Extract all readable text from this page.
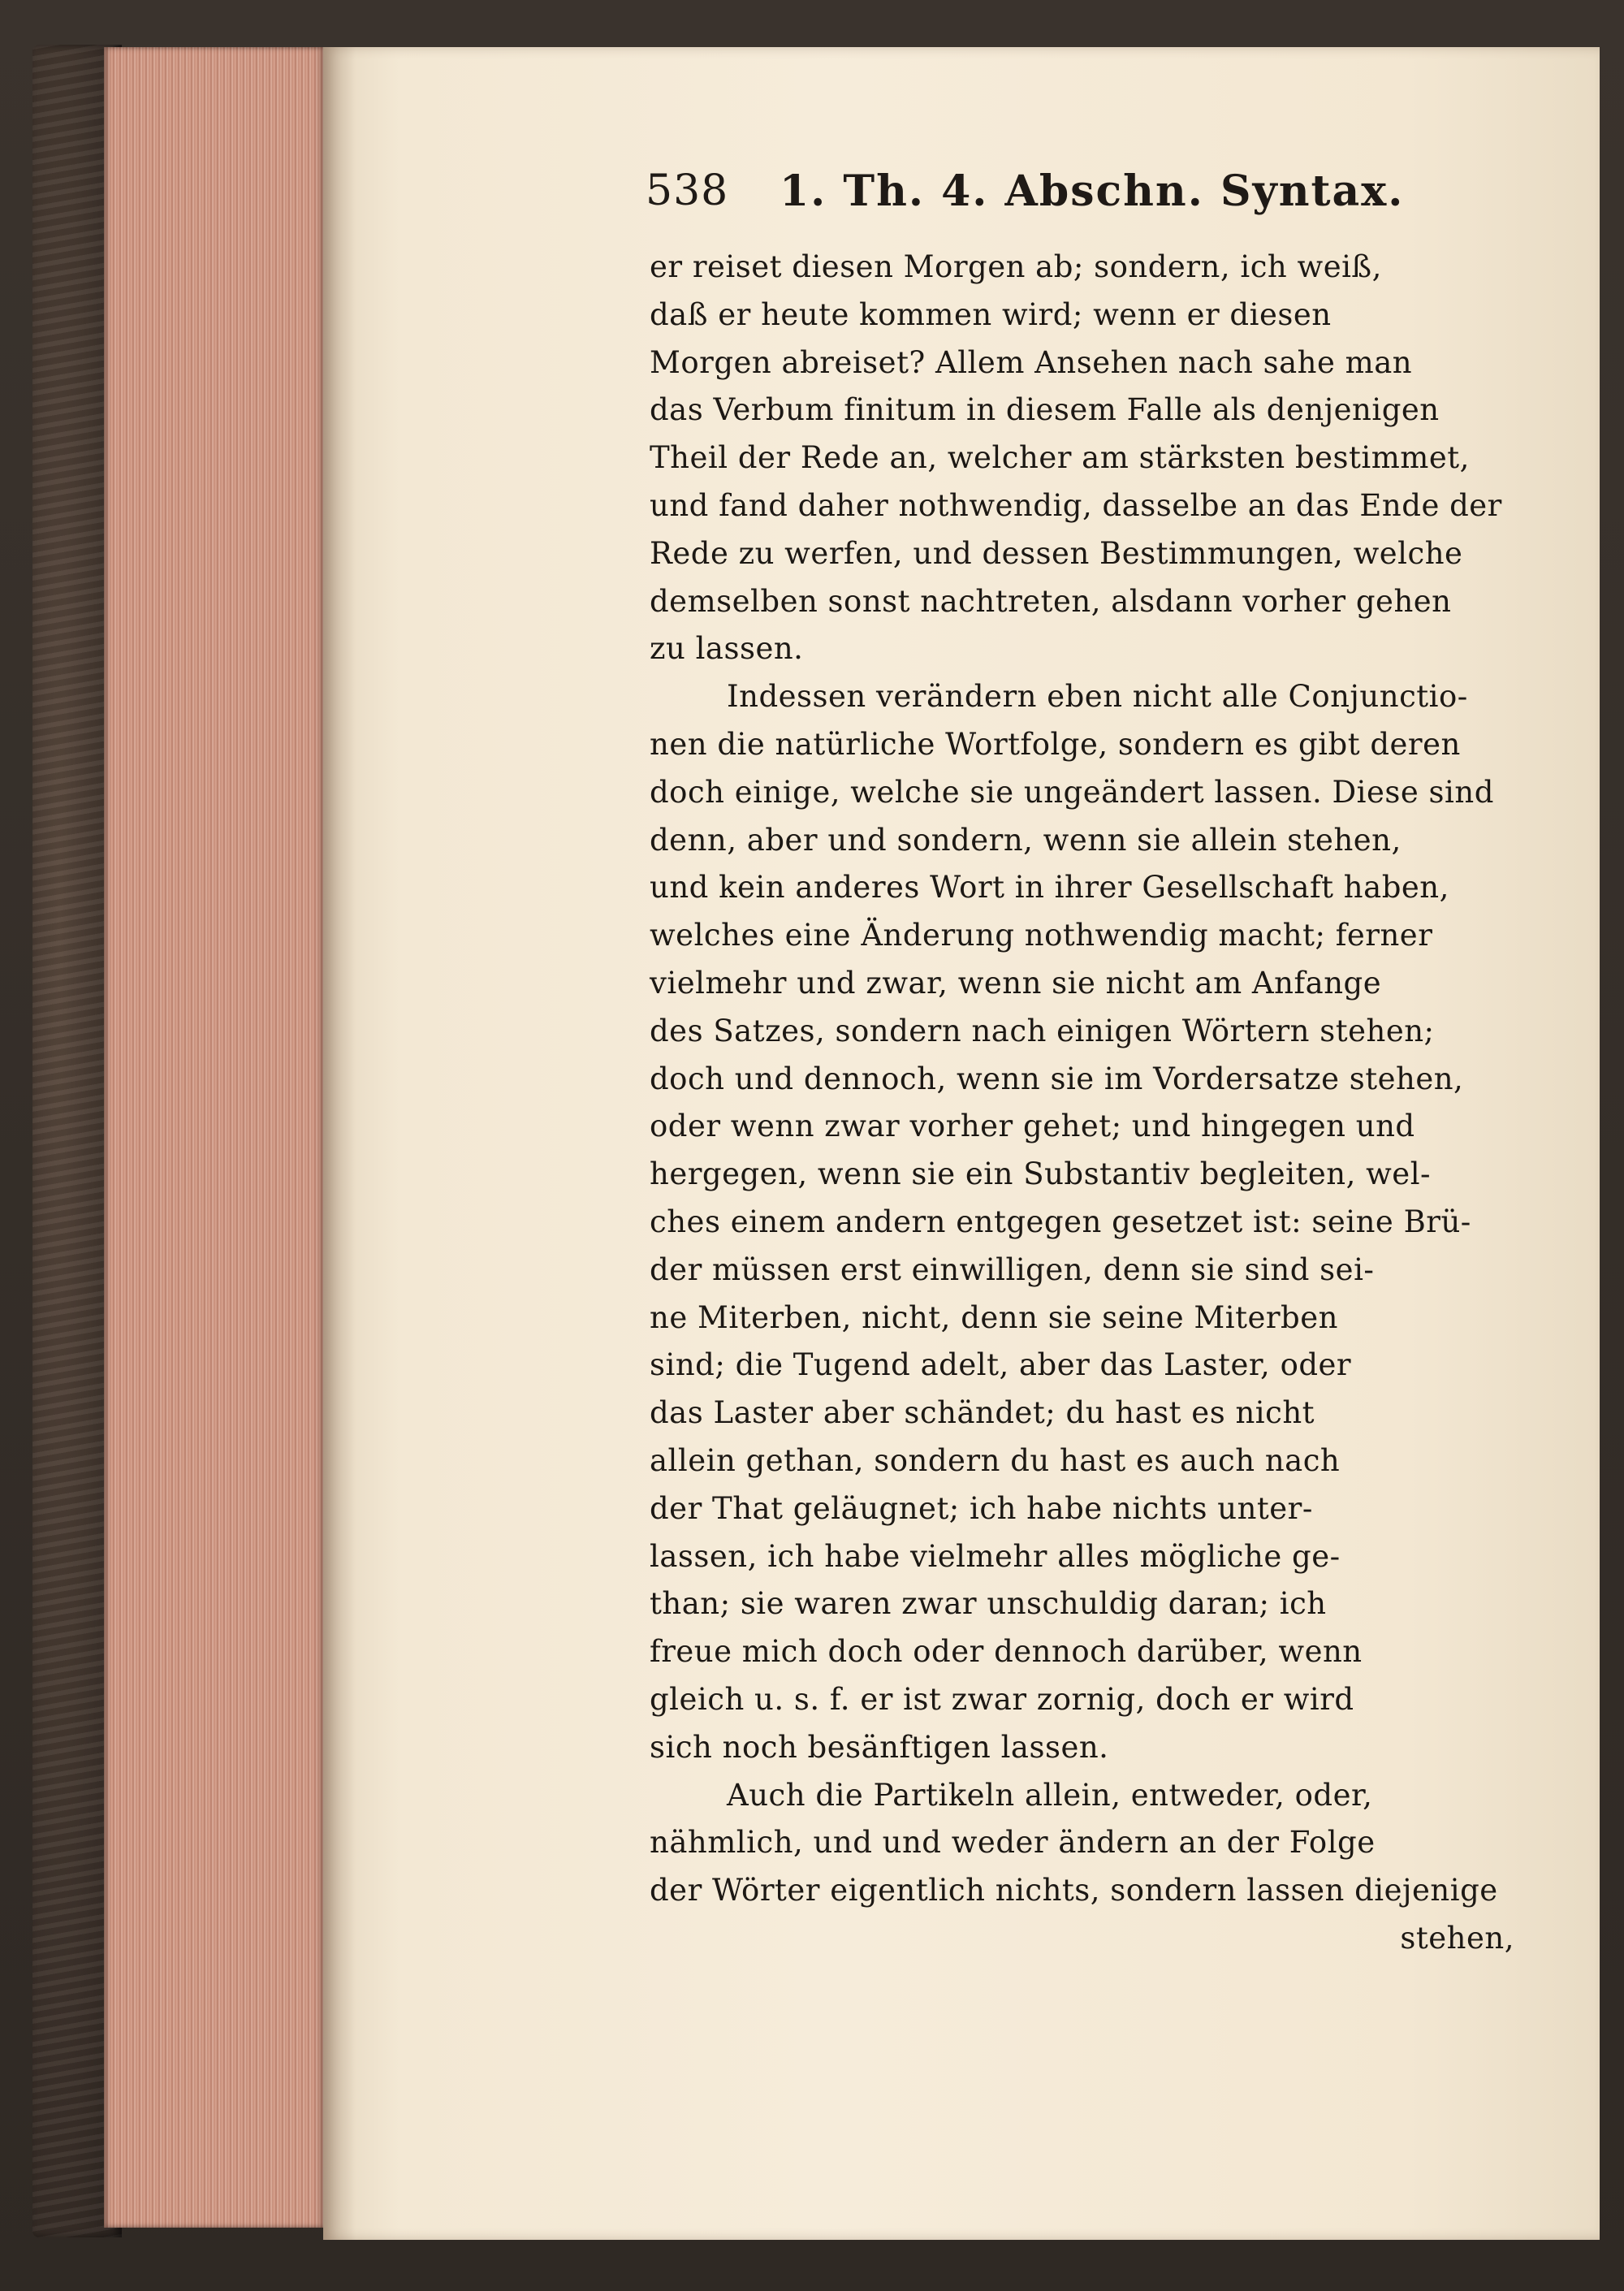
538 1. Th. 4. Abschn. Syntax.
er reiset diesen Morgen ab; sondern, ich weiß,
daß er heute kommen wird; wenn er diesen
Morgen abreiset? Allem Ansehen nach sahe man
das Verbum finitum in diesem Falle als denjenigen
Theil der Rede an, welcher am stärksten bestimmet,
und fand daher nothwendig, dasselbe an das Ende der
Rede zu werfen, und dessen Bestimmungen, welche
demselben sonst nachtreten, alsdann vorher gehen
zu lassen.
Indessen verändern eben nicht alle Conjunctio-
nen die natürliche Wortfolge, sondern es gibt deren
doch einige, welche sie ungeändert lassen. Diese sind
denn, aber und sondern, wenn sie allein stehen,
und kein anderes Wort in ihrer Gesellschaft haben,
welches eine Änderung nothwendig macht; ferner
vielmehr und zwar, wenn sie nicht am Anfange
des Satzes, sondern nach einigen Wörtern stehen;
doch und dennoch, wenn sie im Vordersatze stehen,
oder wenn zwar vorher gehet; und hingegen und
hergegen, wenn sie ein Substantiv begleiten, wel-
ches einem andern entgegen gesetzet ist: seine Brü-
der müssen erst einwilligen, denn sie sind sei-
ne Miterben, nicht, denn sie seine Miterben
sind; die Tugend adelt, aber das Laster, oder
das Laster aber schändet; du hast es nicht
allein gethan, sondern du hast es auch nach
der That geläugnet; ich habe nichts unter-
lassen, ich habe vielmehr alles mögliche ge-
than; sie waren zwar unschuldig daran; ich
freue mich doch oder dennoch darüber, wenn
gleich u. s. f. er ist zwar zornig, doch er wird
sich noch besänftigen lassen.
Auch die Partikeln allein, entweder, oder,
nähmlich, und und weder ändern an der Folge
der Wörter eigentlich nichts, sondern lassen diejenige
stehen,
